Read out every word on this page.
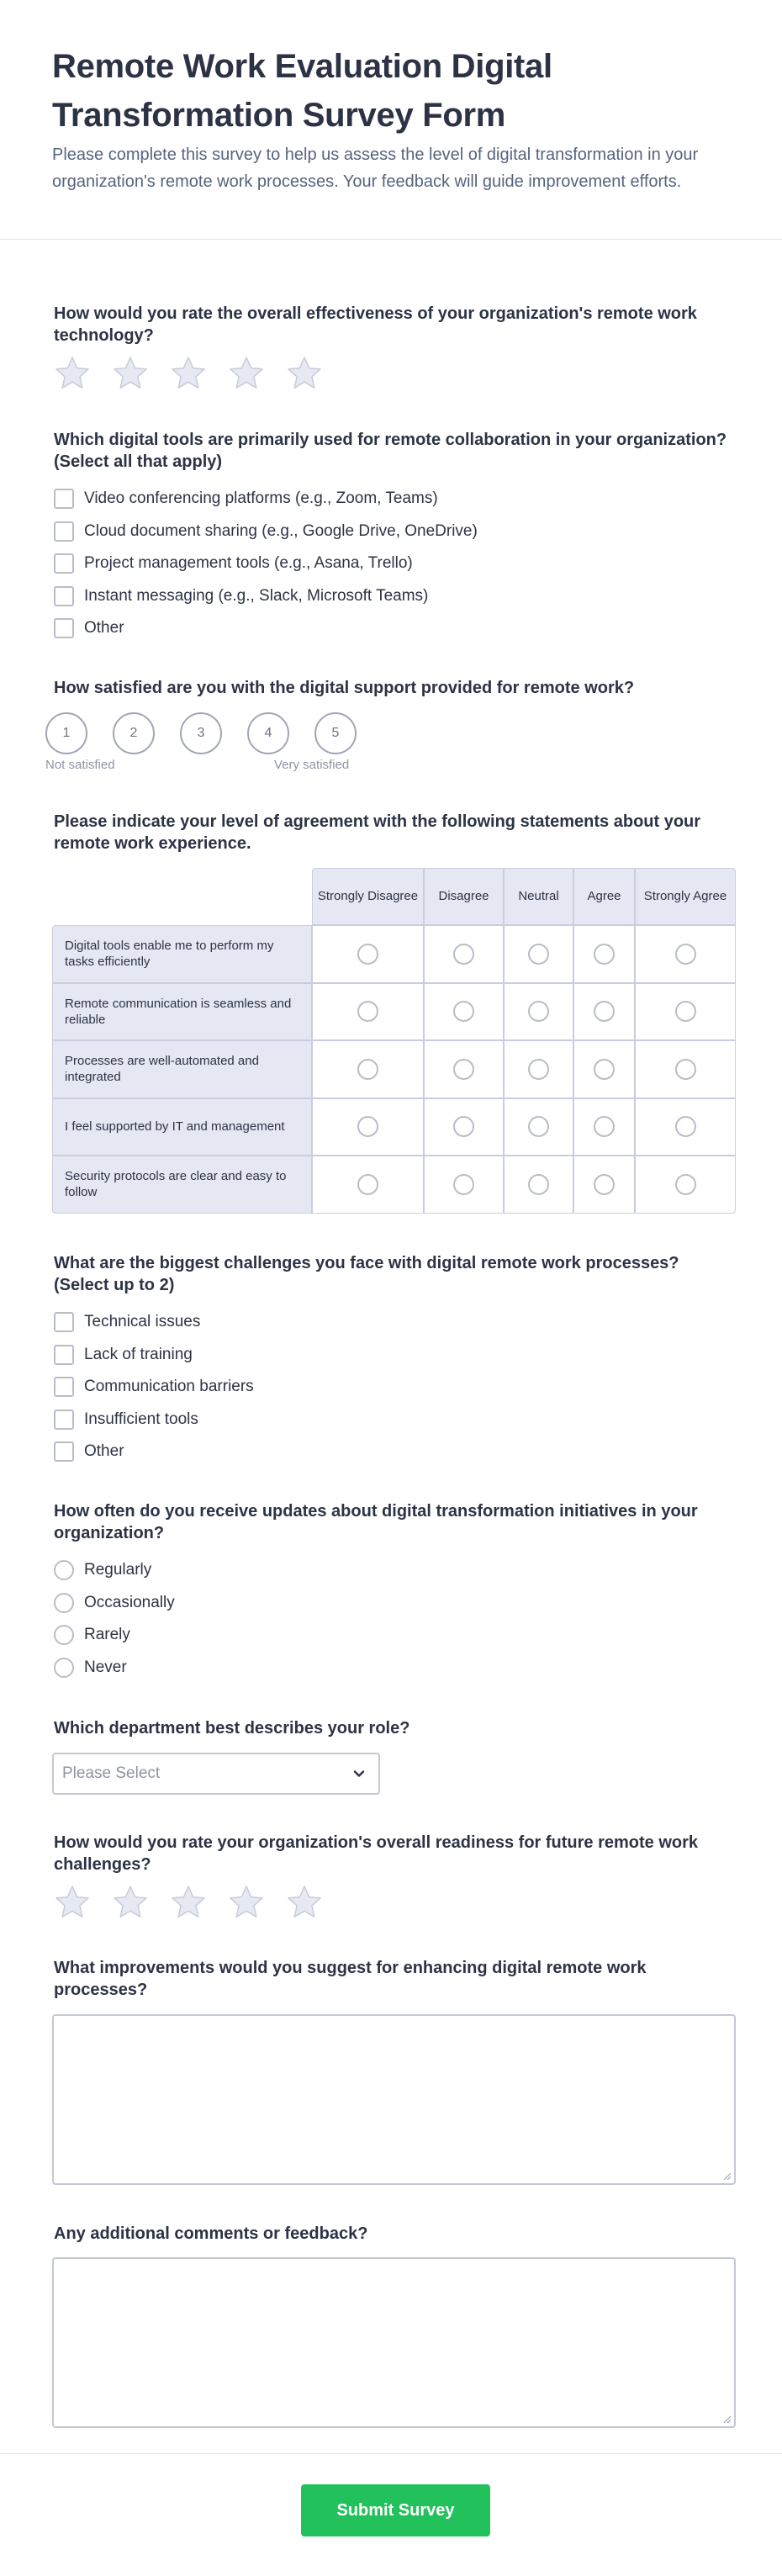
Remote Work Evaluation Digital Transformation Survey Form

Please complete this survey to help us assess the level of digital transformation in your organization's remote work processes. Your feedback will guide improvement efforts.

How would you rate the overall effectiveness of your organization's remote work technology?
Which digital tools are primarily used for remote collaboration in your organization? (Select all that apply)
Video conferencing platforms (e.g., Zoom, Teams)
Cloud document sharing (e.g., Google Drive, OneDrive)
Project management tools (e.g., Asana, Trello)
Instant messaging (e.g., Slack, Microsoft Teams)
Other
How satisfied are you with the digital support provided for remote work?
1	2	3	4	5
Not satisfied	Very satisfied
Please indicate your level of agreement with the following statements about your remote work experience.
	Strongly Disagree	Disagree	Neutral	Agree	Strongly Agree
Digital tools enable me to perform my tasks efficiently					
Remote communication is seamless and reliable					
Processes are well-automated and integrated					
I feel supported by IT and management					
Security protocols are clear and easy to follow					
What are the biggest challenges you face with digital remote work processes? (Select up to 2)
Technical issues
Lack of training
Communication barriers
Insufficient tools
Other
How often do you receive updates about digital transformation initiatives in your organization?
Regularly
Occasionally
Rarely
Never
Which department best describes your role?
Please Select
How would you rate your organization's overall readiness for future remote work challenges?
What improvements would you suggest for enhancing digital remote work processes?
Any additional comments or feedback?
Submit Survey
